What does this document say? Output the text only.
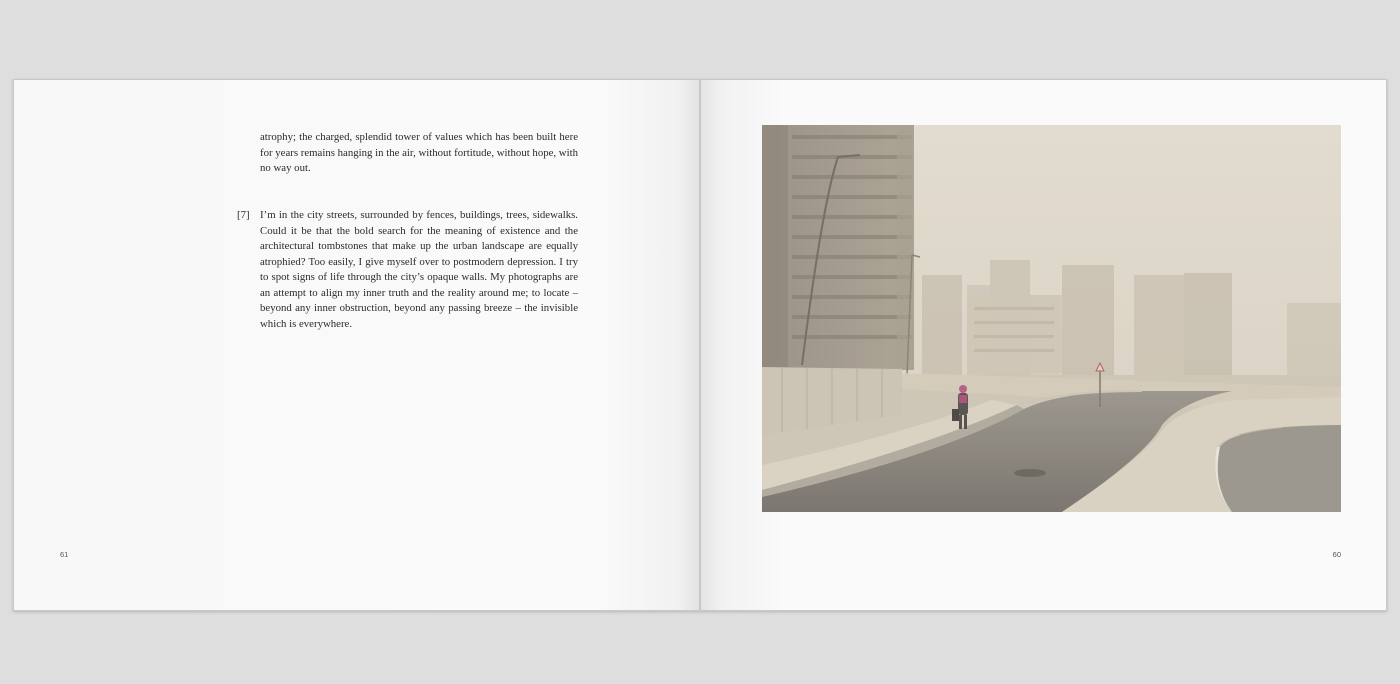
atrophy; the charged, splendid tower of values which has been built here for years remains hanging in the air, without fortitude, without hope, with no way out.

[7] I’m in the city streets, surrounded by fences, buildings, trees, sidewalks. Could it be that the bold search for the meaning of existence and the architectural tombstones that make up the urban landscape are equally atrophied? Too easily, I give myself over to postmodern depression. I try to spot signs of life through the city’s opaque walls. My photographs are an attempt to align my inner truth and the reality around me; to locate – beyond any inner obstruction, beyond any passing breeze – the invisible which is everywhere.

61	60
